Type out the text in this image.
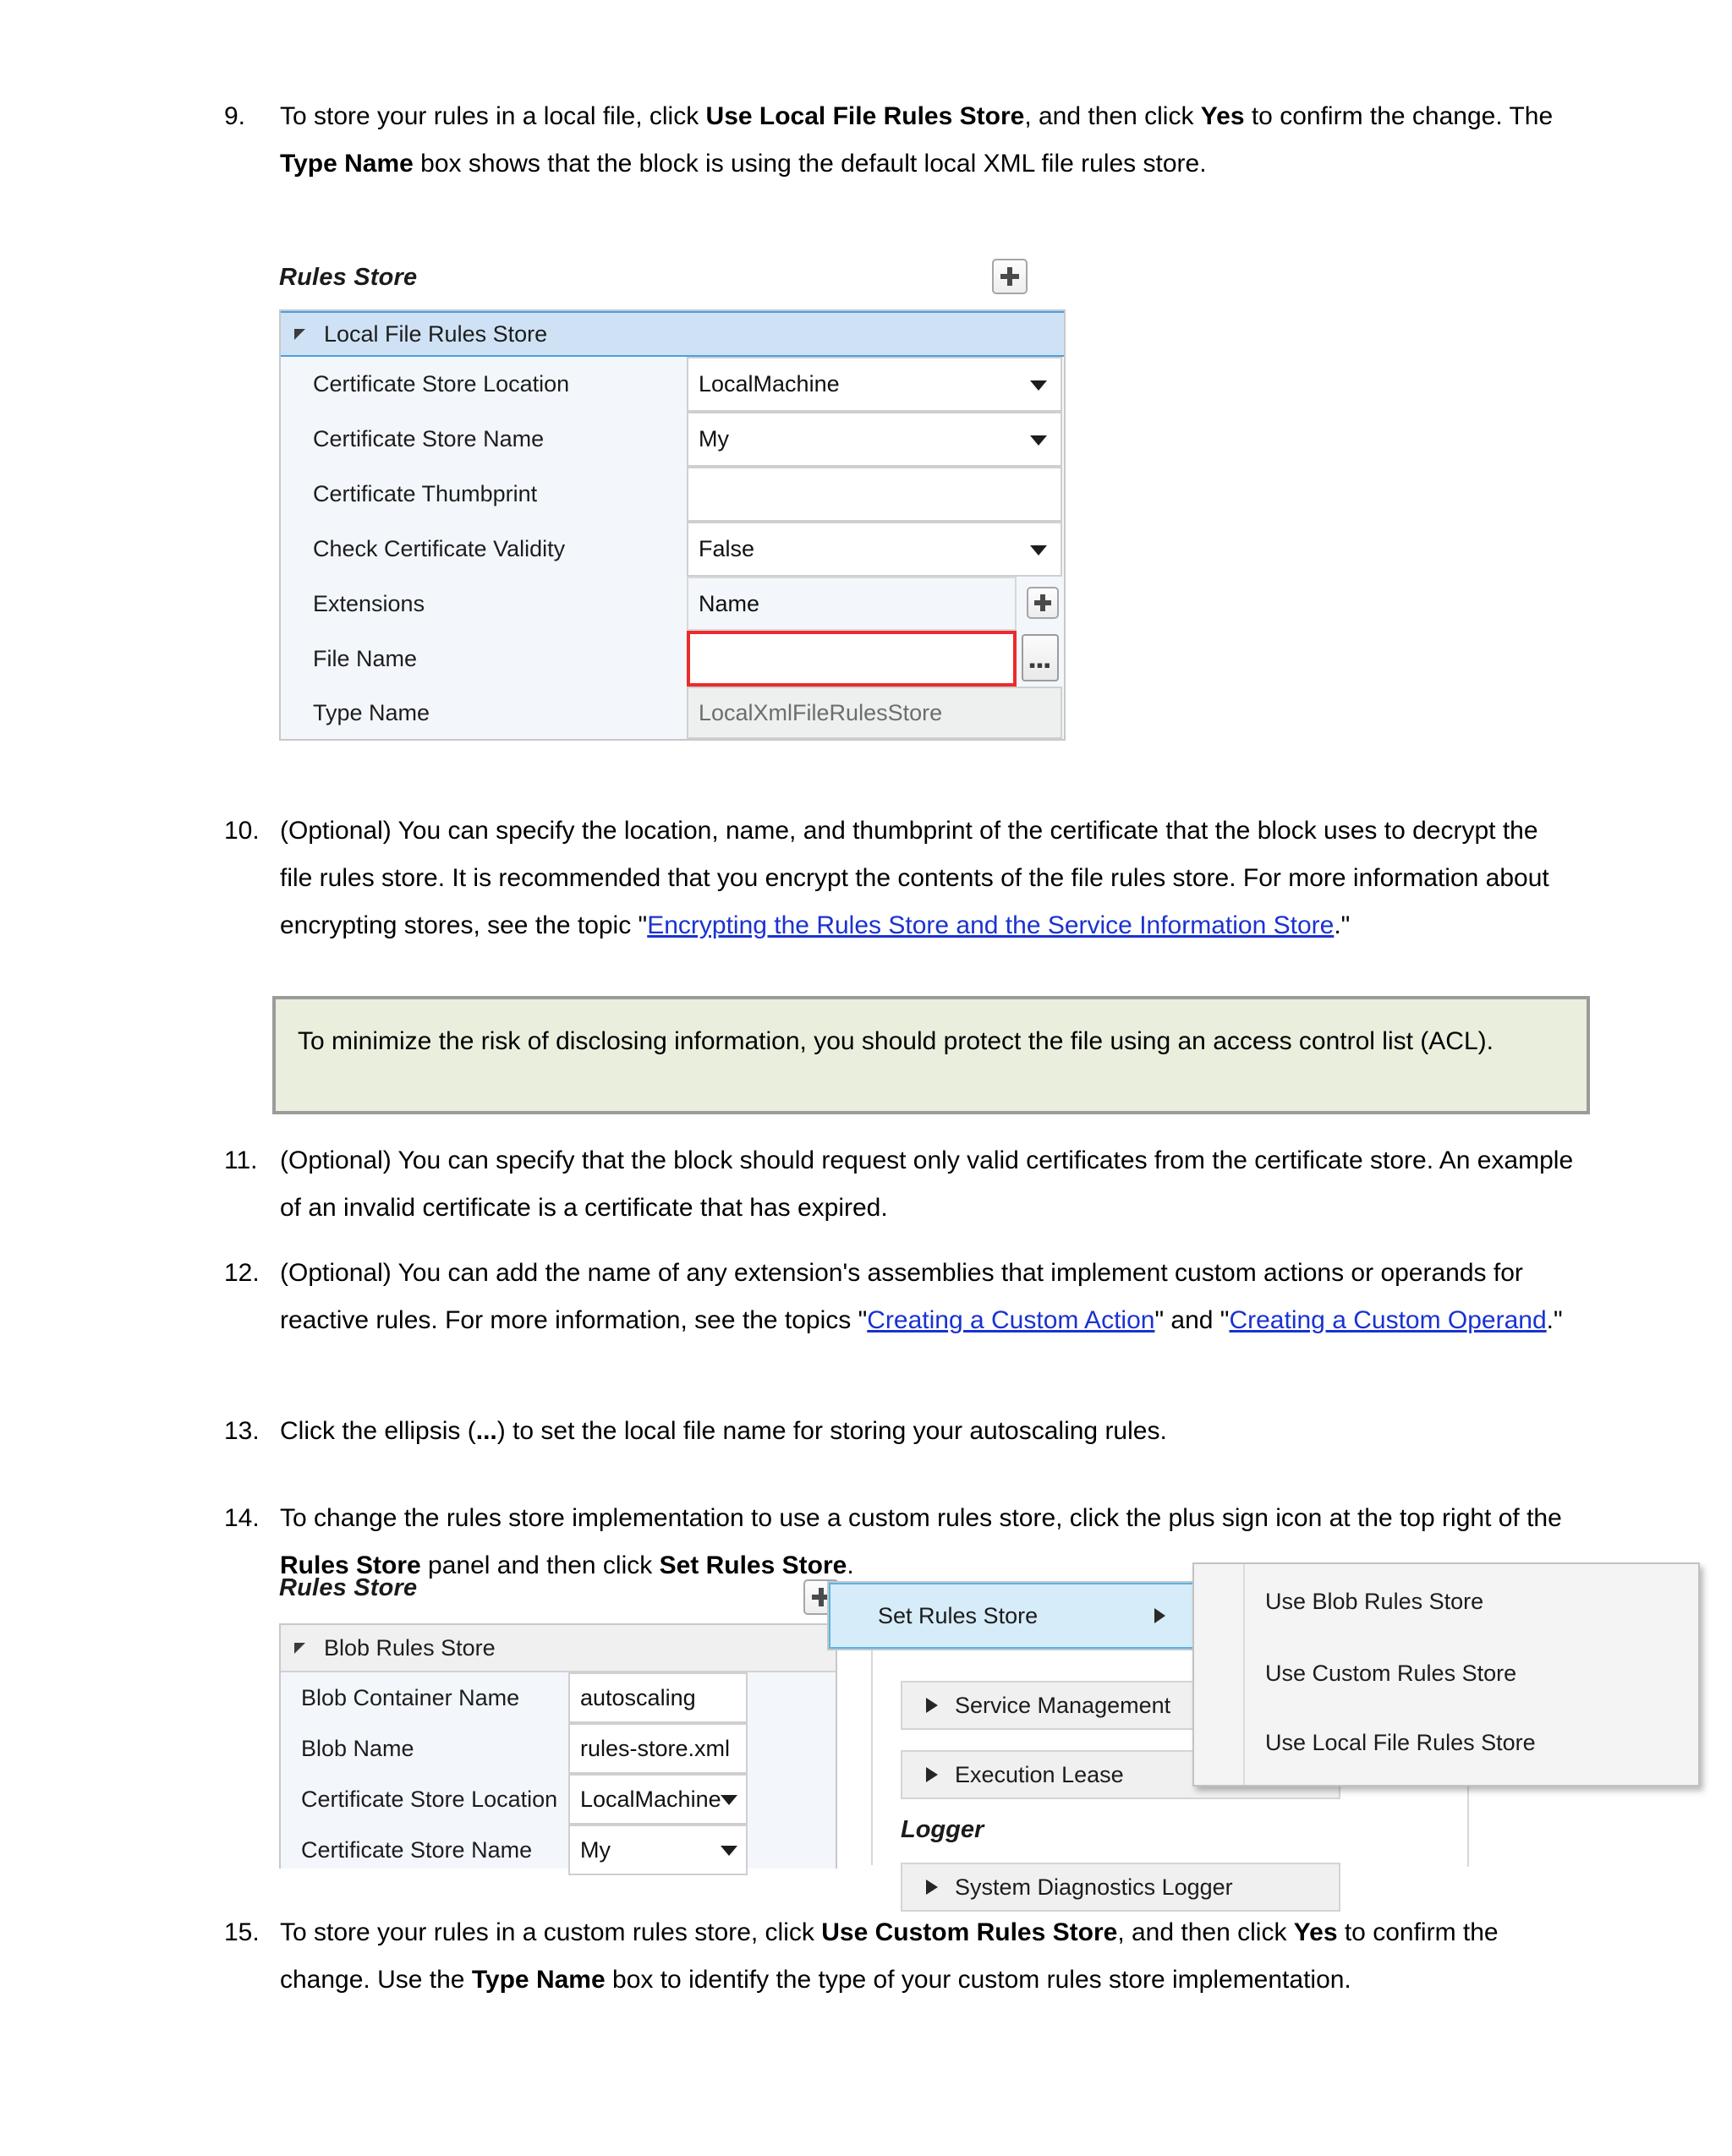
9.	To store your rules in a local file, click Use Local File Rules Store, and then click Yes to confirm the change. The Type Name box shows that the block is using the default local XML file rules store.
Rules Store
Local File Rules Store
Certificate Store Location	LocalMachine
Certificate Store Name	My
Certificate Thumbprint
Check Certificate Validity	False
Extensions	Name
File Name	▪▪▪
Type Name	LocalXmlFileRulesStore
10. (Optional) You can specify the location, name, and thumbprint of the certificate that the block uses to decrypt the file rules store. It is recommended that you encrypt the contents of the file rules store. For more information about encrypting stores, see the topic "Encrypting the Rules Store and the Service Information Store."
To minimize the risk of disclosing information, you should protect the file using an access control list (ACL).
11. (Optional) You can specify that the block should request only valid certificates from the certificate store. An example of an invalid certificate is a certificate that has expired.
12. (Optional) You can add the name of any extension's assemblies that implement custom actions or operands for reactive rules. For more information, see the topics "Creating a Custom Action" and "Creating a Custom Operand."
13. Click the ellipsis (...) to set the local file name for storing your autoscaling rules.
14. To change the rules store implementation to use a custom rules store, click the plus sign icon at the top right of the Rules Store panel and then click Set Rules Store.
Rules Store
Blob Rules Store
Blob Container Name	autoscaling
Blob Name	rules-store.xml
Certificate Store Location LocalMachine
Certificate Store Name	My
Service Management
Execution Lease
Logger
System Diagnostics Logger
Set Rules Store
Use Blob Rules Store
Use Custom Rules Store
Use Local File Rules Store
15. To store your rules in a custom rules store, click Use Custom Rules Store, and then click Yes to confirm the change. Use the Type Name box to identify the type of your custom rules store implementation.
